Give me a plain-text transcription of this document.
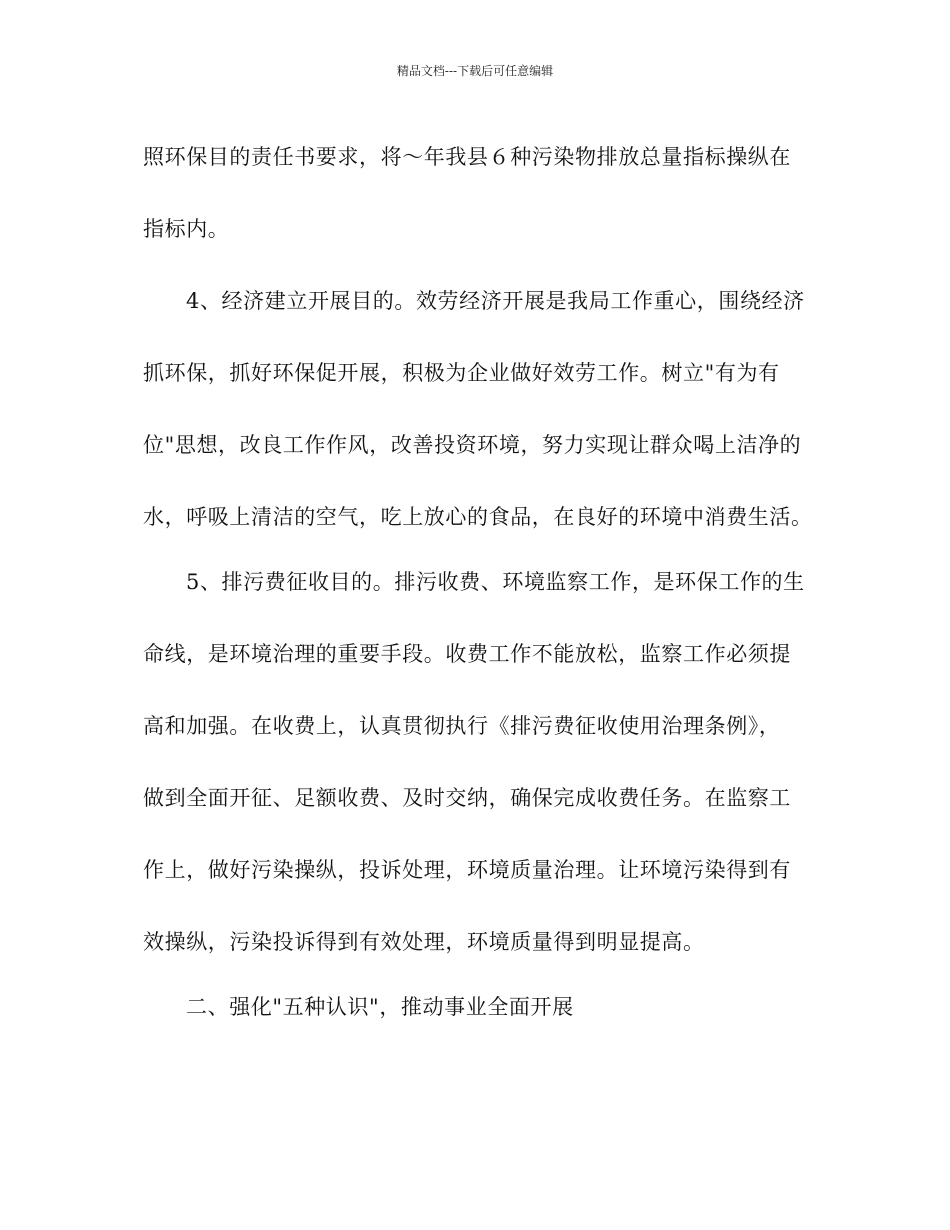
精品文档---下载后可任意编辑
照环保目的责任书要求，将～年我县６种污染物排放总量指标操纵在
指标内。
4、经济建立开展目的。效劳经济开展是我局工作重心，围绕经济
抓环保，抓好环保促开展，积极为企业做好效劳工作。树立"有为有
位"思想，改良工作作风，改善投资环境，努力实现让群众喝上洁净的
水，呼吸上清洁的空气，吃上放心的食品，在良好的环境中消费生活。
5、排污费征收目的。排污收费、环境监察工作，是环保工作的生
命线，是环境治理的重要手段。收费工作不能放松，监察工作必须提
高和加强。在收费上，认真贯彻执行《排污费征收使用治理条例》，
做到全面开征、足额收费、及时交纳，确保完成收费任务。在监察工
作上，做好污染操纵，投诉处理，环境质量治理。让环境污染得到有
效操纵，污染投诉得到有效处理，环境质量得到明显提高。
二、强化"五种认识"，推动事业全面开展
